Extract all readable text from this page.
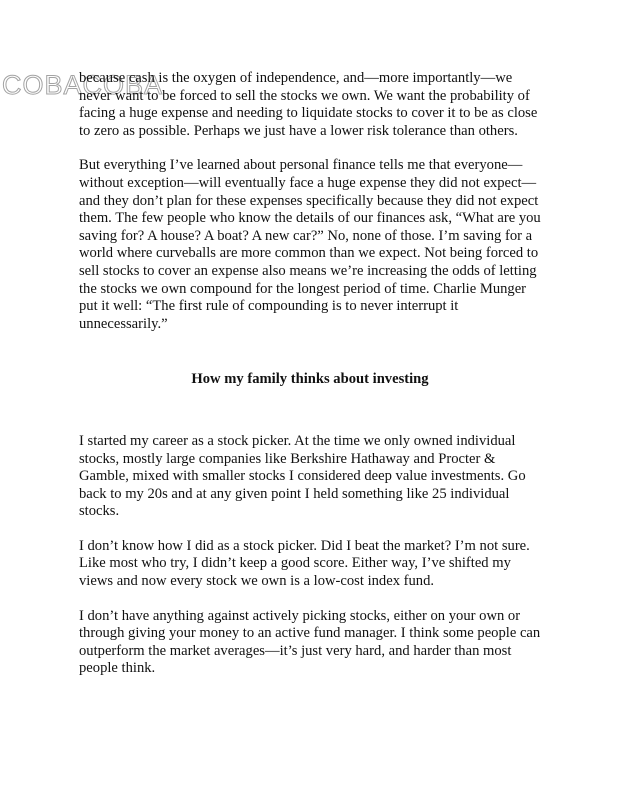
COBACOBA

because cash is the oxygen of independence, and—more importantly—we never want to be forced to sell the stocks we own. We want the probability of facing a huge expense and needing to liquidate stocks to cover it to be as close to zero as possible. Perhaps we just have a lower risk tolerance than others.

But everything I’ve learned about personal finance tells me that everyone—without exception—will eventually face a huge expense they did not expect—and they don’t plan for these expenses specifically because they did not expect them. The few people who know the details of our finances ask, “What are you saving for? A house? A boat? A new car?” No, none of those. I’m saving for a world where curveballs are more common than we expect. Not being forced to sell stocks to cover an expense also means we’re increasing the odds of letting the stocks we own compound for the longest period of time. Charlie Munger put it well: “The first rule of compounding is to never interrupt it unnecessarily.”

How my family thinks about investing

I started my career as a stock picker. At the time we only owned individual stocks, mostly large companies like Berkshire Hathaway and Procter & Gamble, mixed with smaller stocks I considered deep value investments. Go back to my 20s and at any given point I held something like 25 individual stocks.

I don’t know how I did as a stock picker. Did I beat the market? I’m not sure. Like most who try, I didn’t keep a good score. Either way, I’ve shifted my views and now every stock we own is a low-cost index fund.

I don’t have anything against actively picking stocks, either on your own or through giving your money to an active fund manager. I think some people can outperform the market averages—it’s just very hard, and harder than most people think.
